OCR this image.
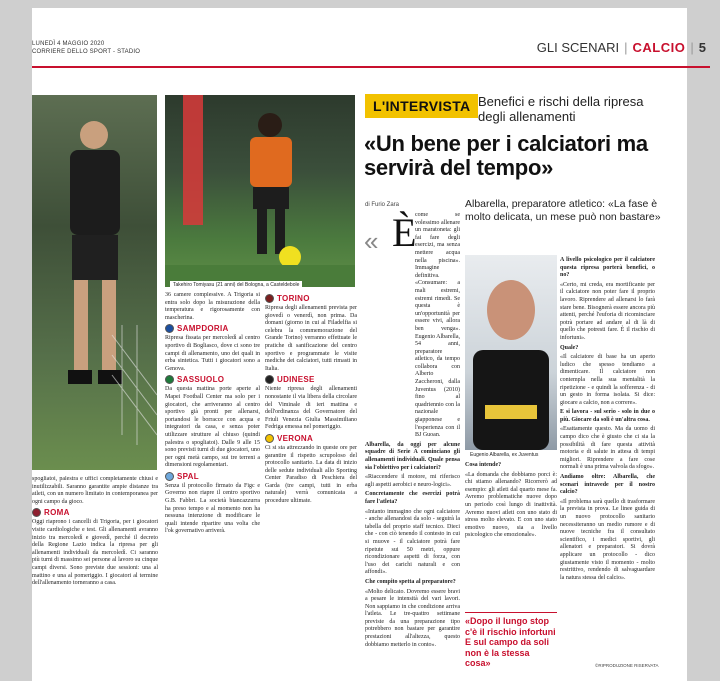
LUNEDÌ 4 MAGGIO 2020
CORRIERE DELLO SPORT - STADIO	GLI SCENARI | CALCIO | 5
Takehiro Tomiyasu (21 anni) del Bologna, a Casteldebole
Eugenio Albarella, ex Juventus
L'INTERVISTA Benefici e rischi della ripresa degli allenamenti
«Un bene per i calciatori ma servirà del tempo»
di Furio Zara	Albarella, preparatore atletico: «La fase è molto delicata, un mese può non bastare»
« È

spogliatoi, palestra e uffici completamente chiusi e inutilizzabili. Saranno garantite ampie distanze tra atleti, con un numero limitato in contemporanea per ogni campo da gioco.

ROMA

Oggi riaprono i cancelli di Trigoria, per i giocatori visite cardiologiche e test. Gli allenamenti avranno inizio tra mercoledì e giovedì, perché il decreto della Regione Lazio indica la ripresa per gli allenamenti individuali da mercoledì. Ci saranno più turni di massimo sei persone al lavoro su cinque campi diversi. Sono previste due sessioni: una al mattino e una al pomeriggio. I giocatori al termine dell'allenamento torneranno a casa.

36 camere complessive. A Trigoria si entra solo dopo la misurazione della temperatura e rigorosamente con mascherina.

SAMPDORIA

Ripresa fissata per mercoledì al centro sportivo di Bogliasco, dove ci sono tre campi di allenamento, uno dei quali in erba sintetica. Tutti i giocatori sono a Genova.

SASSUOLO

Da questa mattina porte aperte al Mapei Football Center ma solo per i giocatori, che arriveranno al centro sportivo già pronti per allenarsi, portandosi le borracce con acqua e integratori da casa, e senza poter utilizzare strutture al chiuso (quindi palestra o spogliatoi). Dalle 9 alle 15 sono previsti turni di due giocatori, uno per ogni metà campo, sui tre terreni a dimensioni regolamentari.

SPAL

Senza il protocollo firmato da Figc e Governo non riapre il centro sportivo G.B. Fabbri. La società biancazzurra ha preso tempo e al momento non ha nessuna intenzione di modificare le quali intende ripartire una volta che l'ok governativo arriverà.

TORINO

Ripresa degli allenamenti prevista per giovedì o venerdì, non prima. Da domani (giorno in cui al Filadelfia si celebra la commemorazione del Grande Torino) verranno effettuate le pratiche di sanificazione del centro sportivo e programmate le visite mediche dei calciatori, tutti rimasti in Italia.

UDINESE

Niente ripresa degli allenamenti nonostante il via libera della circolare del Viminale di ieri mattina e dell'ordinanza del Governatore del Friuli Venezia Giulia Massimiliano Fedriga emessa nel pomeriggio.

VERONA

Ci si sta attrezzando in queste ore per garantire il rispetto scrupoloso del protocollo sanitario. La data di inizio delle sedute individuali allo Sporting Center Paradiso di Peschiera del Garda (tre campi, tutti in erba naturale) verrà comunicata a procedure ultimate.

come se volessimo allenare un maratoneta: gli fai fare degli esercizi, ma senza mettere acqua nella piscina». Immagine definitiva. «Consumare: a mali estremi, estremi rimedi. Se questa è un'opportunità per essere vivi, allora ben venga». Eugenio Albarella, 54 anni, preparatore atletico, da tempo collabora con Alberto Zaccheroni, dalla Juventus (2010) fino al quadriennio con la nazionale giapponese e l'esperienza con il BJ Guoan.

Albarella, da oggi per alcune squadre di Serie A cominciano gli allenamenti individuali. Quale pensa sia l'obiettivo per i calciatori?

«Riaccendere il motore, mi riferisco agli aspetti aerobici e neuro-logici».

Concretamente che esercizi potrà fare l'atleta?

«Intanto immagino che ogni calciatore - anche allenandosi da solo - seguirà la tabella del proprio staff tecnico. Dieci che - con ciò tenendo il contesto in cui si muove - il calciatore potrà fare ripetute sui 50 metri, oppure ricondizionare aspetti di forza, con l'uso dei carichi naturali e con affondi».

Che compito spetta al preparatore?

«Molto delicato. Dovremo essere bravi a pesare le intensità del vari lavori. Non sappiamo in che condizione arriva l'atleta. Le tre-quattro settimane previste da una preparazione tipo potrebbero non bastare per garantire prestazioni all'altezza, questo dobbiamo metterlo in conto».

Cosa intende?

«La domanda che dobbiamo porci è: chi stiamo allenando? Ricorrerò ad esempio: gli atleti dal quarto mese fa. Avremo problematiche nuove dopo un periodo così lungo di inattività. Avremo nuovi atleti con uno stato di stress molto elevato. E con uno stato emotivo nuovo, sia a livello psicologico che emozionale».

«Dopo il lungo stop c'è il rischio infortuni E sul campo da soli non è la stessa cosa»

A livello psicologico per il calciatore questa ripresa porterà benefici, o no?

«Certo, mi creda, era mortificante per il calciatore non poter fare il proprio lavoro. Riprendere ad allenarsi lo farà stare bene. Bisognerà essere ancora più attenti, perché l'euforia di ricominciare potrà portare ad andare al di là di quello che potresti fare. È il rischio di infortuni».

Quale?

«Il calciatore di base ha un aperto ludico che spesso tendiamo a dimenticare. Il calciatore non contempla nella sua mentalità la ripetizione - e quindi la sofferenza - di un gesto in forma isolata. Si dice: giocare a calcio, non a correre».

E si lavora - sul serio - solo in due o più. Giocare da soli è un'altra cosa.

«Esattamente questo. Ma da uomo di campo dico che è giusto che ci sia la possibilità di fare questa attività motoria e di salute in attesa di tempi migliori. Riprendere a fare cose normali è una prima valvola da sfogo».

Andiamo oltre: Albarella, che scenari intravede per il nostro calcio?

«Il problema sarà quello di trasformare la prevista in prova. Le linee guida di un nuovo protocollo sanitario necessiteranno un medio rumore e di nuove tecniche fra il consultato scientifico, i medici sportivi, gli allenatori e preparatori. Si dovrà applicare un protocollo - dico giustamente visto il momento - molto restrittivo, rendendo di salvaguardare la natura stessa del calcio».

©RIPRODUZIONE RISERVATA
